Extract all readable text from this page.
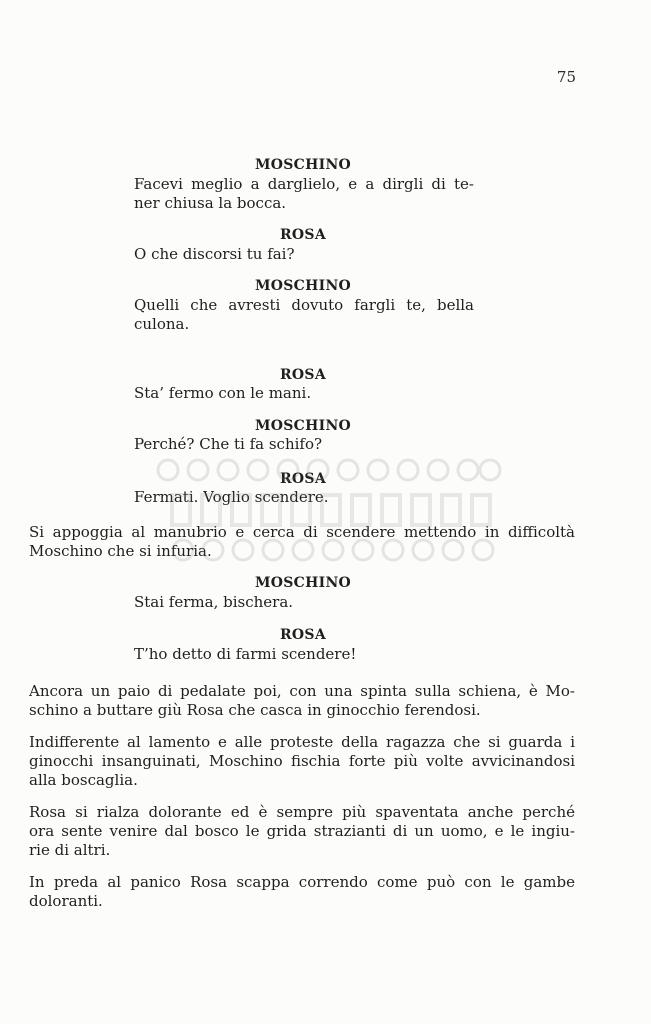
75
MOSCHINO
Facevi meglio a darglielo, e a dirgli di te-
ner chiusa la bocca.
ROSA
O che discorsi tu fai?
MOSCHINO
Quelli che avresti dovuto fargli te, bella
culona.
ROSA
Sta’ fermo con le mani.
MOSCHINO
Perché? Che ti fa schifo?
ROSA
Fermati. Voglio scendere.
Si appoggia al manubrio e cerca di scendere mettendo in difficoltà
Moschino che si infuria.
MOSCHINO
Stai ferma, bischera.
ROSA
T’ho detto di farmi scendere!
Ancora un paio di pedalate poi, con una spinta sulla schiena, è Mo-
schino a buttare giù Rosa che casca in ginocchio ferendosi.
Indifferente al lamento e alle proteste della ragazza che si guarda i
ginocchi insanguinati, Moschino fischia forte più volte avvicinandosi
alla boscaglia.
Rosa si rialza dolorante ed è sempre più spaventata anche perché
ora sente venire dal bosco le grida strazianti di un uomo, e le ingiu-
rie di altri.
In preda al panico Rosa scappa correndo come può con le gambe
doloranti.
